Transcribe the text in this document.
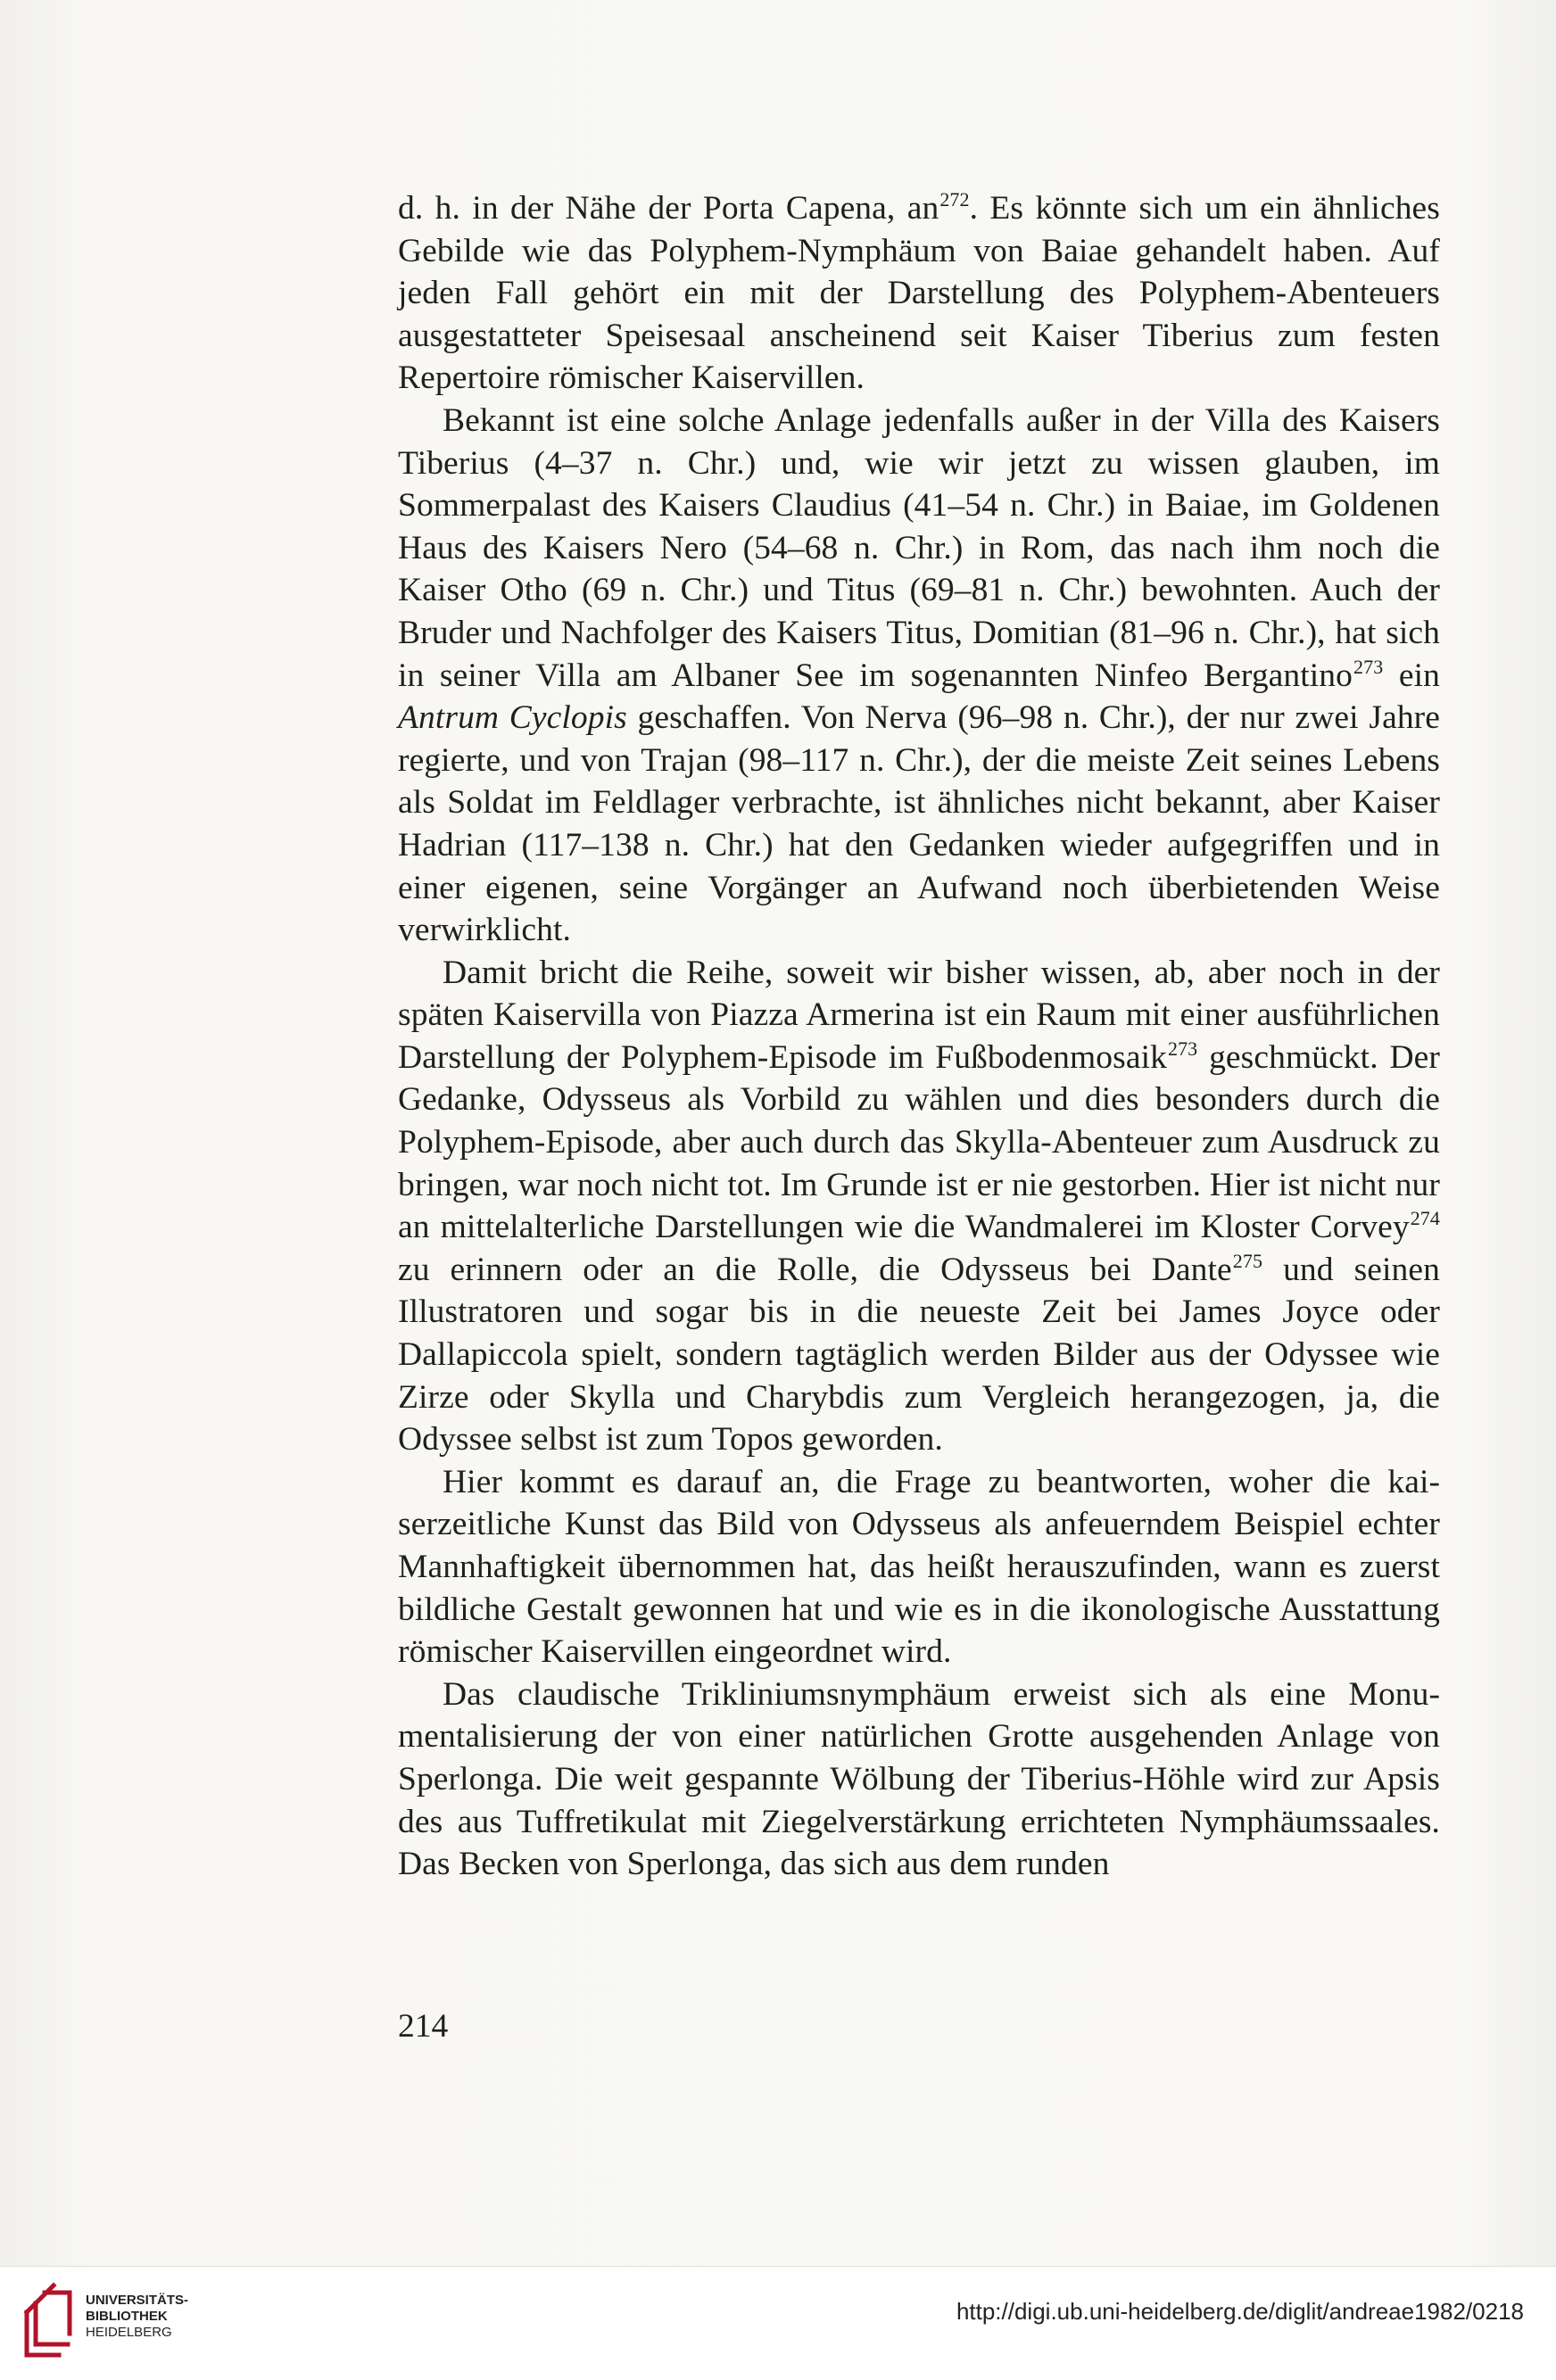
d. h. in der Nähe der Porta Capena, an$^{272}$. Es könnte sich um ein ähnliches Gebilde wie das Polyphem-Nymphäum von Baiae gehandelt haben. Auf jeden Fall gehört ein mit der Darstellung des Polyphem-Abenteuers ausgestatteter Speisesaal anscheinend seit Kaiser Tiberius zum festen Repertoire römischer Kaiservillen.

Bekannt ist eine solche Anlage jedenfalls außer in der Villa des Kaisers Tiberius (4–37 n. Chr.) und, wie wir jetzt zu wissen glauben, im Sommerpalast des Kaisers Claudius (41–54 n. Chr.) in Baiae, im Goldenen Haus des Kaisers Nero (54–68 n. Chr.) in Rom, das nach ihm noch die Kaiser Otho (69 n. Chr.) und Titus (69–81 n. Chr.) bewohnten. Auch der Bruder und Nachfolger des Kaisers Titus, Domitian (81–96 n. Chr.), hat sich in seiner Villa am Albaner See im sogenannten Ninfeo Bergantino$^{273}$ ein Antrum Cyclopis geschaffen. Von Nerva (96–98 n. Chr.), der nur zwei Jahre regierte, und von Trajan (98–117 n. Chr.), der die meiste Zeit seines Lebens als Soldat im Feldlager verbrachte, ist ähnliches nicht bekannt, aber Kaiser Hadrian (117–138 n. Chr.) hat den Gedanken wieder aufgegriffen und in einer eigenen, seine Vorgänger an Aufwand noch überbietenden Weise verwirklicht.

Damit bricht die Reihe, soweit wir bisher wissen, ab, aber noch in der späten Kaiservilla von Piazza Armerina ist ein Raum mit einer ausführlichen Darstellung der Polyphem-Episode im Fußbodenmosaik$^{273}$ geschmückt. Der Gedanke, Odysseus als Vorbild zu wählen und dies besonders durch die Polyphem-Episode, aber auch durch das Skylla-Abenteuer zum Ausdruck zu bringen, war noch nicht tot. Im Grunde ist er nie gestorben. Hier ist nicht nur an mittelalterliche Darstellungen wie die Wandmalerei im Kloster Corvey$^{274}$ zu erinnern oder an die Rolle, die Odysseus bei Dante$^{275}$ und seinen Illustratoren und sogar bis in die neueste Zeit bei James Joyce oder Dallapiccola spielt, sondern tagtäglich werden Bilder aus der Odyssee wie Zirze oder Skylla und Charybdis zum Vergleich herangezogen, ja, die Odyssee selbst ist zum Topos geworden.

Hier kommt es darauf an, die Frage zu beantworten, woher die kaiserzeitliche Kunst das Bild von Odysseus als anfeuerndem Beispiel echter Mannhaftigkeit übernommen hat, das heißt herauszufinden, wann es zuerst bildliche Gestalt gewonnen hat und wie es in die ikonologische Ausstattung römischer Kaiservillen eingeordnet wird.

Das claudische Trikliniumsnymphäum erweist sich als eine Monumentalisierung der von einer natürlichen Grotte ausgehenden Anlage von Sperlonga. Die weit gespannte Wölbung der Tiberius-Höhle wird zur Apsis des aus Tuffretikulat mit Ziegelverstärkung errichteten Nymphäumssaales. Das Becken von Sperlonga, das sich aus dem runden

214
UNIVERSITÄTS-
BIBLIOTHEK
HEIDELBERG
http://digi.ub.uni-heidelberg.de/diglit/andreae1982/0218
